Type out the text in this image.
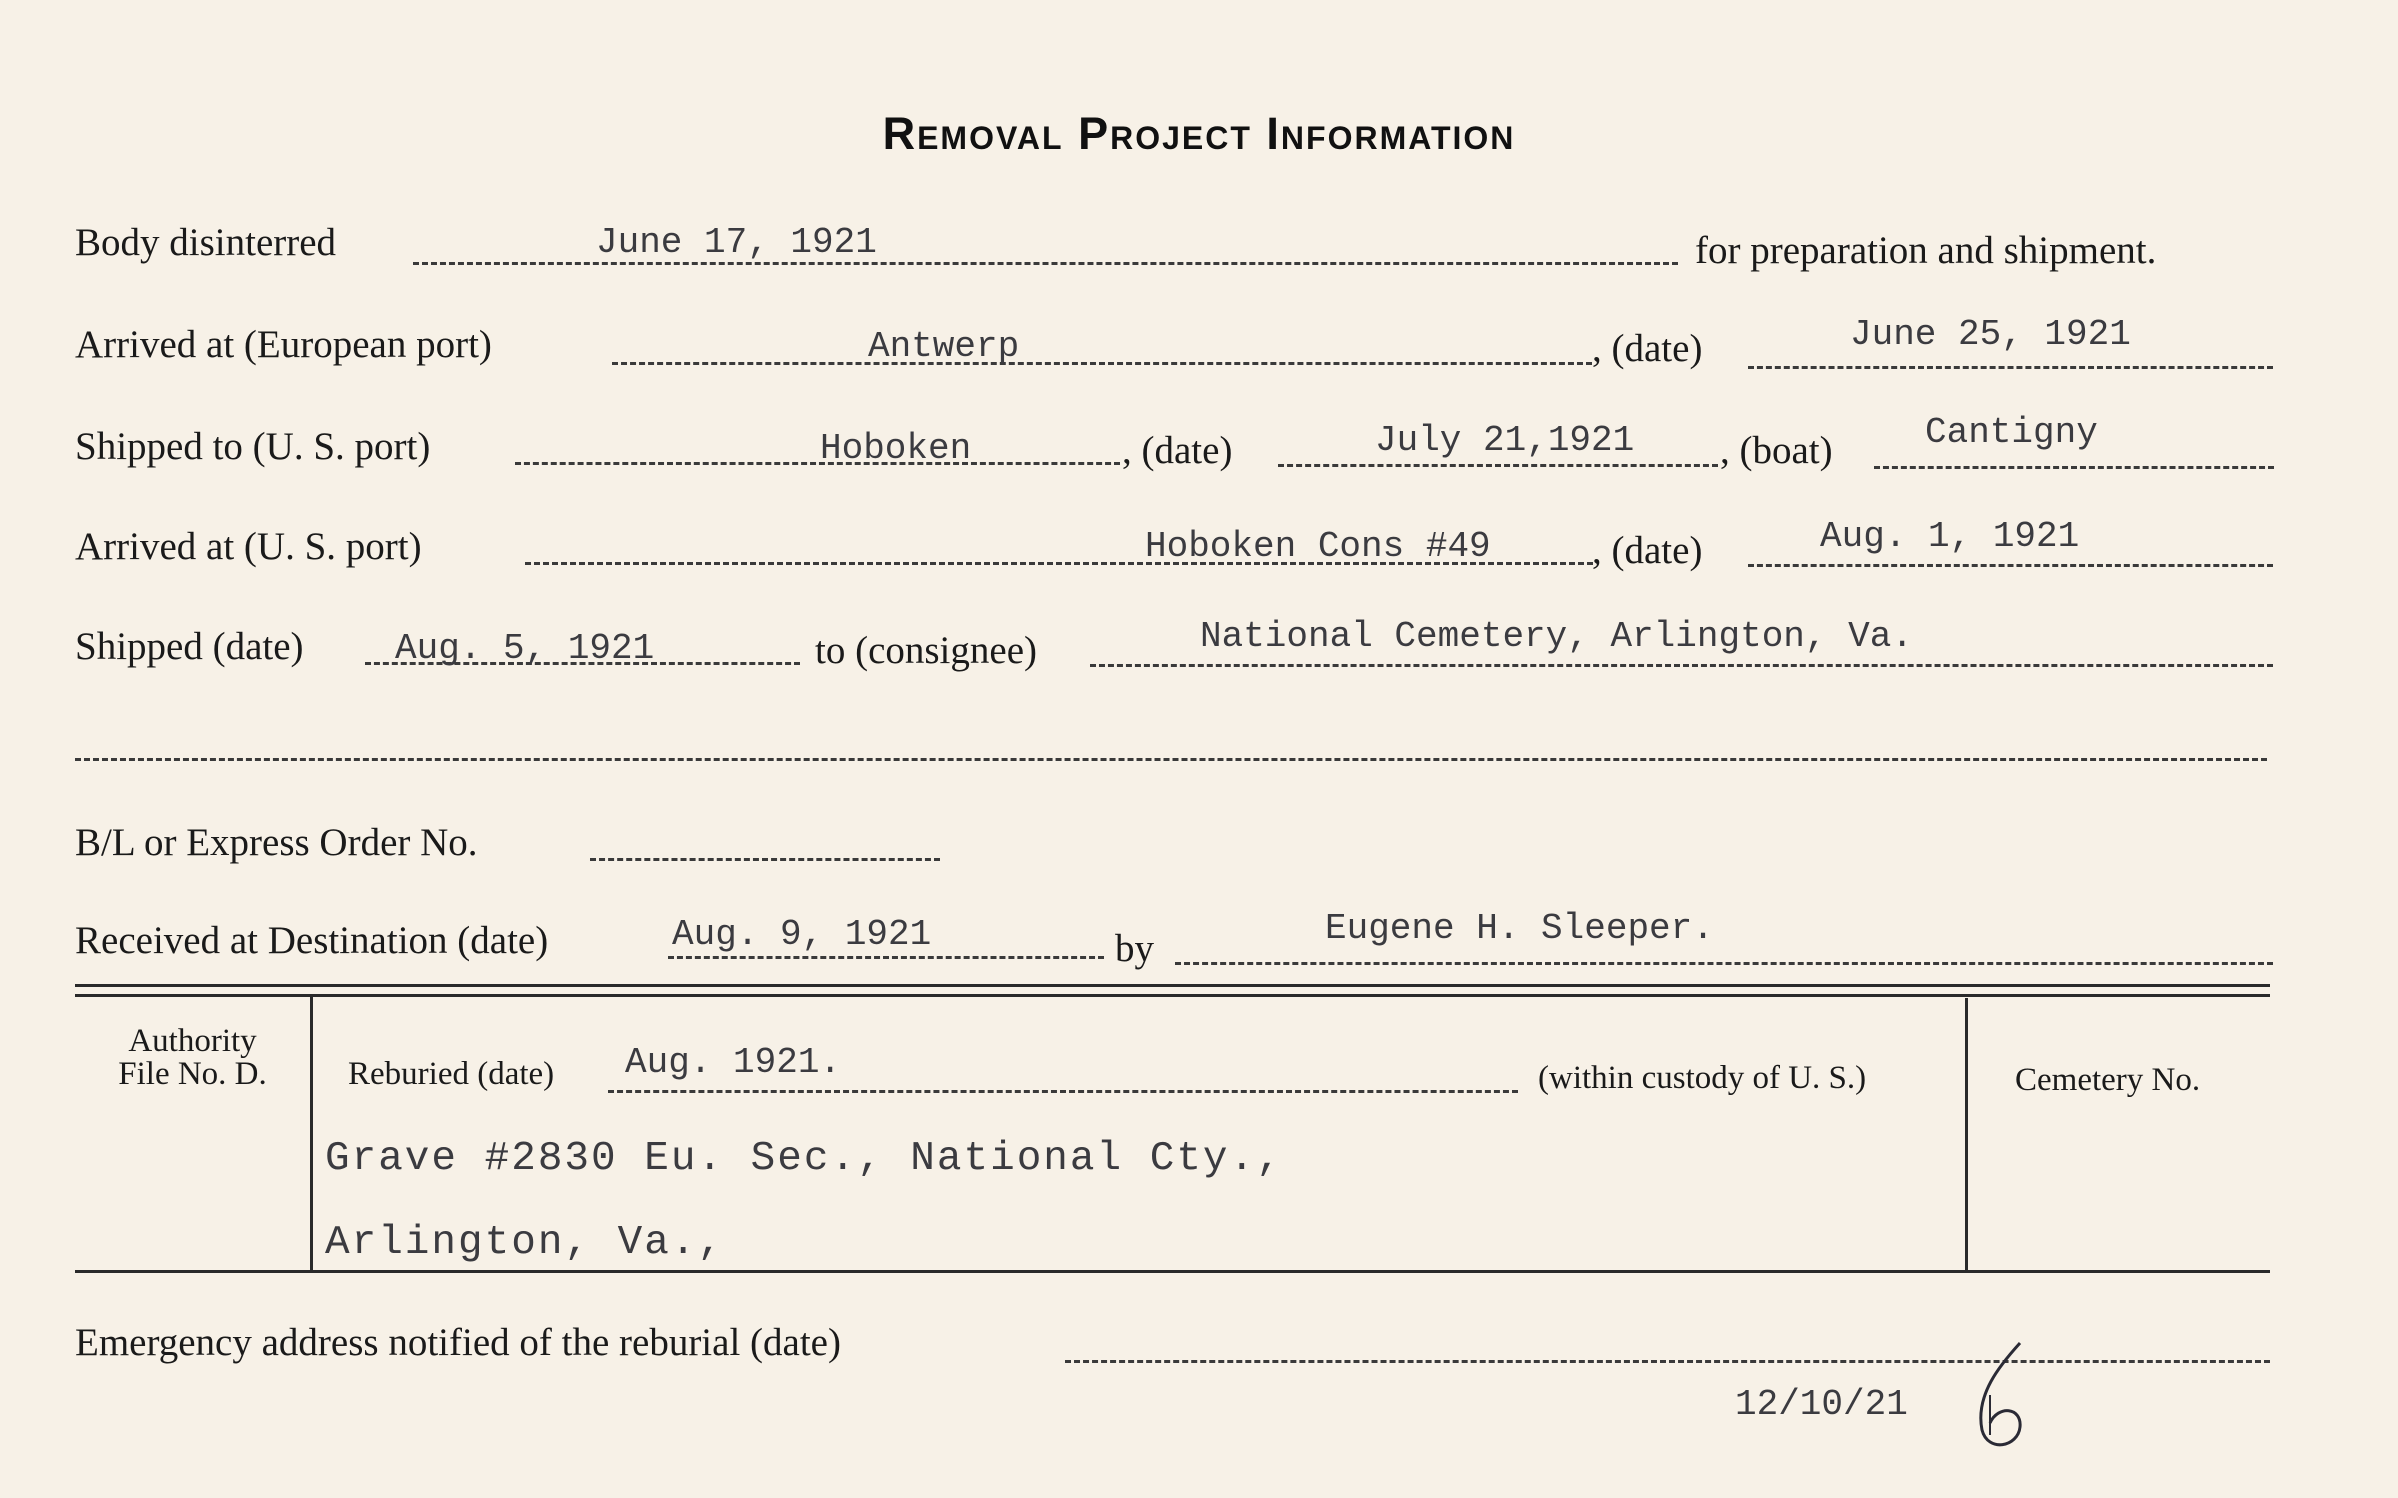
Removal Project Information
Body disinterred	June 17, 1921	for preparation and shipment.
Arrived at (European port)	Antwerp	, (date)	June 25, 1921
Shipped to (U. S. port)	Hoboken	, (date)	July 21,1921 , (boat)	Cantigny
Arrived at (U. S. port)	Hoboken Cons #49	, (date)	Aug. 1, 1921
Shipped (date)	Aug. 5, 1921	to (consignee)	National Cemetery, Arlington, Va.
B/L or Express Order No.
Received at Destination (date)	Aug. 9, 1921	by	Eugene H. Sleeper.
Authority
File No. D.	Reburied (date) Aug. 1921.	(within custody of U. S.)	Cemetery No.
Grave #2830 Eu. Sec., National Cty.,
Arlington, Va.,
Emergency address notified of the reburial (date)
12/10/21
